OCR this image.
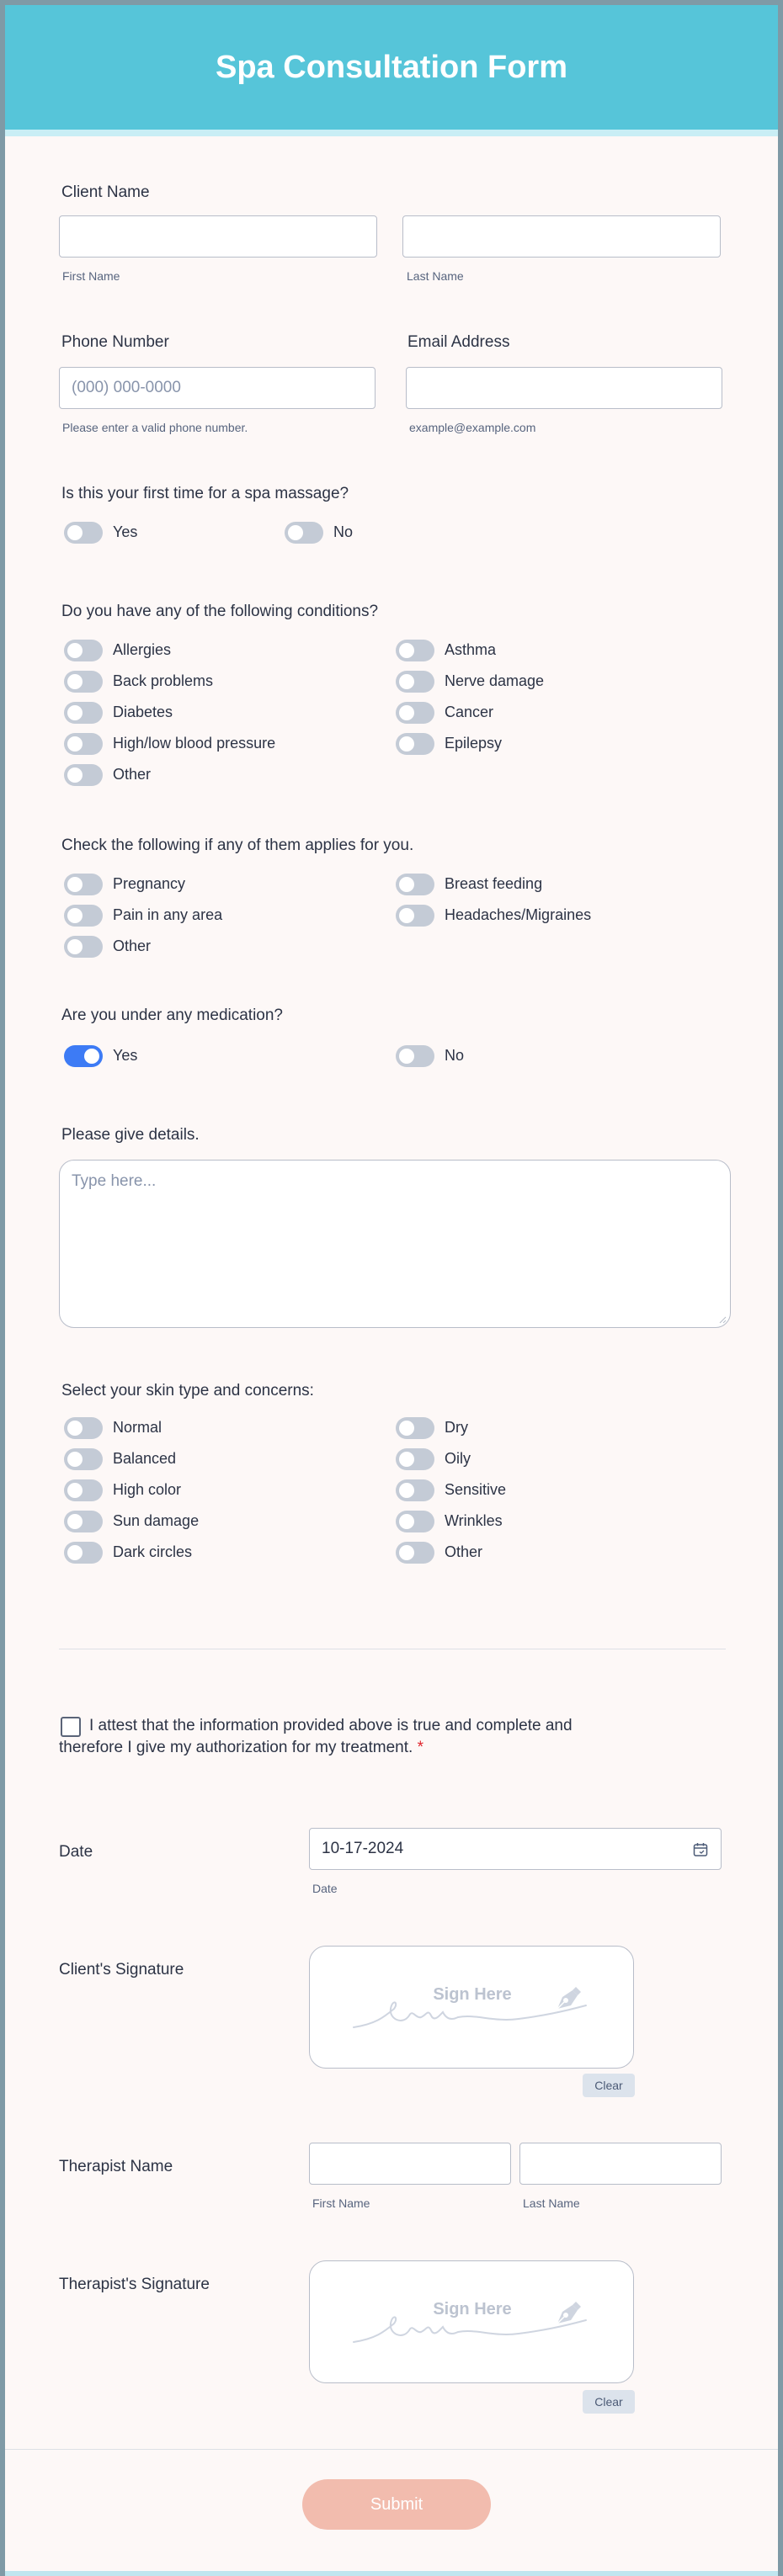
Spa Consultation Form
Client Name
First Name	Last Name
Phone Number
(000) 000-0000
Please enter a valid phone number.
Email Address
example@example.com
Is this your first time for a spa massage?
Do you have any of the following conditions?
Check the following if any of them applies for you.
Are you under any medication?
Please give details.
Type here...
Select your skin type and concerns:
I attest that the information provided above is true and complete and therefore I give my authorization for my treatment. *
Date	10-17-2024
Date
Client's Signature
Sign Here
Clear
Therapist Name
First Name	Last Name
Therapist's Signature
Sign Here
Clear
Submit
Yes	No
Allergies	Asthma
Back problems	Nerve damage
Diabetes	Cancer
High/low blood pressure	Epilepsy
Other
Pregnancy	Breast feeding
Pain in any area	Headaches/Migraines
Other
Yes	No
Normal	Dry
Balanced	Oily
High color	Sensitive
Sun damage	Wrinkles
Dark circles	Other
